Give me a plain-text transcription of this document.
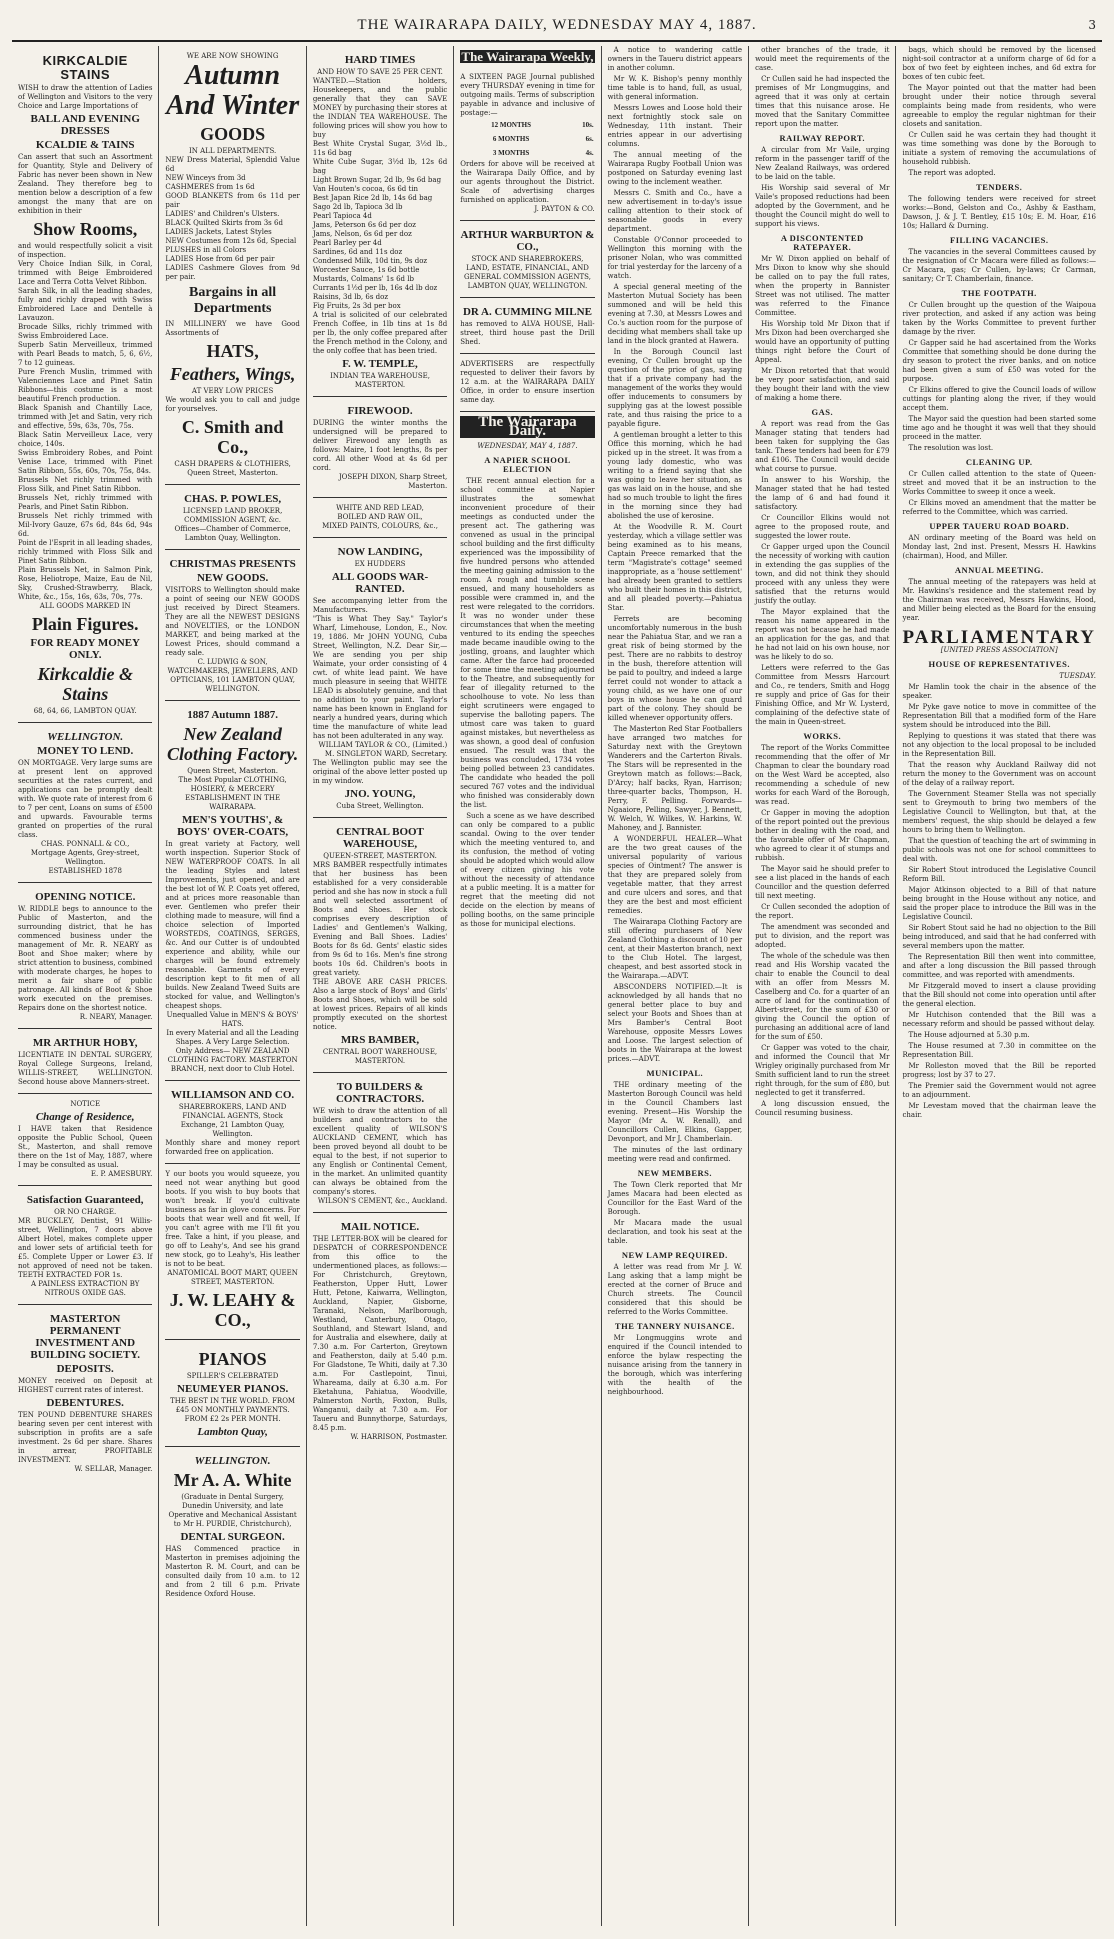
THE WAIRARAPA DAILY, WEDNESDAY MAY 4, 1887.	3
KIRKCALDIE STAINS

WISH to draw the attention of Ladies of Wellington and Visitors to the very Choice and Large Importations of

BALL AND EVENING DRESSES
KCALDIE & TAINS

Can assert that such an Assortment for Quantity, Style and Delivery of Fabric has never been shown in New Zealand. They therefore beg to mention below a description of a few amongst the many that are on exhibition in their

Show Rooms,

and would respectfully solicit a visit of inspection.

Very Choice Indian Silk, in Coral, trimmed with Beige Embroidered Lace and Terra Cotta Velvet Ribbon.

Sarah Silk, in all the leading shades, fully and richly draped with Swiss Embroidered Lace and Dentelle à Lavauzon.

Brocade Silks, richly trimmed with Swiss Embroidered Lace.

Superb Satin Merveilleux, trimmed with Pearl Beads to match, 5, 6, 6½, 7 to 12 guineas.

Pure French Muslin, trimmed with Valenciennes Lace and Pinet Satin Ribbons—this costume is a most beautiful French production.

Black Spanish and Chantilly Lace, trimmed with Jet and Satin, very rich and effective, 59s, 63s, 70s, 75s.

Black Satin Merveilleux Lace, very choice, 140s.

Swiss Embroidery Robes, and Point Venise Lace, trimmed with Pinet Satin Ribbon, 55s, 60s, 70s, 75s, 84s.

Brussels Net richly trimmed with Floss Silk, and Pinet Satin Ribbon.

Brussels Net, richly trimmed with Pearls, and Pinet Satin Ribbon.

Brussels Net richly trimmed with Mil-Ivory Gauze, 67s 6d, 84s 6d, 94s 6d.

Point de l'Esprit in all leading shades, richly trimmed with Floss Silk and Pinet Satin Ribbon.

Plain Brussels Net, in Salmon Pink, Rose, Heliotrope, Maize, Eau de Nil, Sky, Crushed-Strawberry, Black, White, &c., 15s, 16s, 63s, 70s, 77s.

ALL GOODS MARKED IN

Plain Figures.
FOR READY MONEY ONLY.
Kirkcaldie & Stains

68, 64, 66, LAMBTON QUAY.

WELLINGTON.
MONEY TO LEND.

ON MORTGAGE. Very large sums are at present lent on approved securities at the rates current, and applications can be promptly dealt with. We quote rate of interest from 6 to 7 per cent, Loans on sums of £500 and upwards. Favourable terms granted on properties of the rural class.

CHAS. PONNALL & CO.,

Mortgage Agents, Grey-street, Wellington.

ESTABLISHED 1878

OPENING NOTICE.

W. RIDDLE begs to announce to the Public of Masterton, and the surrounding district, that he has commenced business under the management of Mr. R. NEARY as Boot and Shoe maker; where by strict attention to business, combined with moderate charges, he hopes to merit a fair share of public patronage. All kinds of Boot & Shoe work executed on the premises. Repairs done on the shortest notice.

R. NEARY, Manager.

MR ARTHUR HOBY,

LICENTIATE IN DENTAL SURGERY, Royal College Surgeons, Ireland, WILLIS-STREET, WELLINGTON. Second house above Manners-street.

NOTICE

Change of Residence,

I HAVE taken that Residence opposite the Public School, Queen St., Masterton, and shall remove there on the 1st of May, 1887, where I may be consulted as usual.

E. P. AMESBURY.

Satisfaction Guaranteed,

OR NO CHARGE.

MR BUCKLEY, Dentist, 91 Willis-street, Wellington, 7 doors above Albert Hotel, makes complete upper and lower sets of artificial teeth for £5. Complete Upper or Lower £3. If not approved of need not be taken. TEETH EXTRACTED FOR 1s.

A PAINLESS EXTRACTION BY NITROUS OXIDE GAS.

MASTERTON PERMANENT INVESTMENT AND BUILDING SOCIETY.
DEPOSITS.

MONEY received on Deposit at HIGHEST current rates of interest.

DEBENTURES.

TEN POUND DEBENTURE SHARES bearing seven per cent interest with subscription in profits are a safe investment. 2s 6d per share. Shares in arrear, PROFITABLE INVESTMENT.

W. SELLAR, Manager.

WE ARE NOW SHOWING

Autumn
And Winter
GOODS

IN ALL DEPARTMENTS.

NEW Dress Material, Splendid Value 6d

NEW Winceys from 3d

CASHMERES from 1s 6d

GOOD BLANKETS from 6s 11d per pair

LADIES' and Children's Ulsters.

BLACK Quilted Skirts from 3s 6d

LADIES Jackets, Latest Styles

NEW Costumes from 12s 6d, Special

PLUSHES in all Colors

LADIES Hose from 6d per pair

LADIES Cashmere Gloves from 9d per pair.

Bargains in all Departments

IN MILLINERY we have Good Assortments of

HATS,
Feathers, Wings,

AT VERY LOW PRICES

We would ask you to call and judge for yourselves.

C. Smith and Co.,

CASH DRAPERS & CLOTHIERS, Queen Street, Masterton.

CHAS. P. POWLES,

LICENSED LAND BROKER, COMMISSION AGENT, &c.

Offices—Chamber of Commerce, Lambton Quay, Wellington.

CHRISTMAS PRESENTS
NEW GOODS.

VISITORS to Wellington should make a point of seeing our NEW GOODS just received by Direct Steamers. They are all the NEWEST DESIGNS and NOVELTIES, or the LONDON MARKET, and being marked at the Lowest Prices, should command a ready sale.

C. LUDWIG & SON, WATCHMAKERS, JEWELLERS, AND OPTICIANS, 101 LAMBTON QUAY, WELLINGTON.

1887 Autumn 1887.
New Zealand Clothing Factory.

Queen Street, Masterton.

The Most Popular CLOTHING, HOSIERY, & MERCERY ESTABLISHMENT IN THE WAIRARAPA.

MEN'S YOUTHS', & BOYS' OVER-COATS,

In great variety at Factory, well worth inspection. Superior Stock of NEW WATERPROOF COATS. In all the leading Styles and latest Improvements, just opened, and are the best lot of W. P. Coats yet offered, and at prices more reasonable than ever. Gentlemen who prefer their clothing made to measure, will find a choice selection of Imported WORSTEDS, COATINGS, SERGES, &c. And our Cutter is of undoubted experience and ability, while our charges will be found extremely reasonable. Garments of every description kept to fit men of all builds. New Zealand Tweed Suits are stocked for value, and Wellington's cheapest shops.

Unequalled Value in MEN'S & BOYS' HATS.

In every Material and all the Leading Shapes. A Very Large Selection.

Only Address— NEW ZEALAND CLOTHING FACTORY. MASTERTON BRANCH, next door to Club Hotel.

WILLIAMSON AND CO.

SHAREBROKERS, LAND AND FINANCIAL AGENTS, Stock Exchange, 21 Lambton Quay, Wellington.

Monthly share and money report forwarded free on application.

Y our boots you would squeeze, you need not wear anything but good boots. If you wish to buy boots that won't break. If you'd cultivate business as far in glove concerns. For boots that wear well and fit well, If you can't agree with me I'll fit you free. Take a hint, if you please, and go off to Leahy's, And see his grand new stock, go to Leahy's, His leather is not to be beat.

ANATOMICAL BOOT MART, QUEEN STREET, MASTERTON.

J. W. LEAHY & CO.,
PIANOS

SPILLER'S CELEBRATED

NEUMEYER PIANOS.

THE BEST IN THE WORLD. FROM £45 ON MONTHLY PAYMENTS. FROM £2 2s PER MONTH.

Lambton Quay,
WELLINGTON.
Mr A. A. White

(Graduate in Dental Surgery, Dunedin University, and late Operative and Mechanical Assistant to Mr H. PURDIE, Christchurch),

DENTAL SURGEON.

HAS Commenced practice in Masterton in premises adjoining the Masterton R. M. Court, and can be consulted daily from 10 a.m. to 12 and from 2 till 6 p.m. Private Residence Oxford House.

HARD TIMES

AND HOW TO SAVE 25 PER CENT.

WANTED.—Station holders, Housekeepers, and the public generally that they can SAVE MONEY by purchasing their stores at the INDIAN TEA WAREHOUSE. The following prices will show you how to buy

Best White Crystal Sugar, 3½d lb., 11s 6d bag

White Cube Sugar, 3½d lb, 12s 6d bag

Light Brown Sugar, 2d lb, 9s 6d bag

Van Houten's cocoa, 6s 6d tin

Best Japan Rice 2d lb, 14s 6d bag

Sago 2d lb, Tapioca 3d lb

Pearl Tapioca 4d

Jams, Peterson 6s 6d per doz

Jams, Nelson, 6s 6d per doz

Pearl Barley per 4d

Sardines, 6d and 11s doz

Condensed Milk, 10d tin, 9s doz

Worcester Sauce, 1s 6d bottle

Mustards, Colmans' 1s 6d lb

Currants 1½d per lb, 16s 4d lb doz

Raisins, 3d lb, 6s doz

Fig Fruits, 2s 3d per box

A trial is solicited of our celebrated French Coffee, in 1lb tins at 1s 8d per lb, the only coffee prepared after the French method in the Colony, and the only coffee that has been tried.

F. W. TEMPLE,

INDIAN TEA WAREHOUSE, MASTERTON.

FIREWOOD.

DURING the winter months the undersigned will be prepared to deliver Firewood any length as follows: Maire, 1 foot lengths, 8s per cord. All other Wood at 4s 6d per cord.

JOSEPH DIXON, Sharp Street, Masterton.

WHITE AND RED LEAD,

BOILED AND RAW OIL,

MIXED PAINTS, COLOURS, &c.,

NOW LANDING,

EX HUDDERS

ALL GOODS WAR-RANTED.

See accompanying letter from the Manufacturers.

"This is What They Say." Taylor's Wharf, Limehouse, London, E., Nov. 19, 1886. Mr JOHN YOUNG, Cuba Street, Wellington, N.Z. Dear Sir,—We are sending you per ship Waimate, your order consisting of 4 cwt. of white lead paint. We have much pleasure in seeing that WHITE LEAD is absolutely genuine, and that no addition to your paint. Taylor's name has been known in England for nearly a hundred years, during which time the manufacture of white lead has not been adulterated in any way.

WILLIAM TAYLOR & CO., (Limited.) M. SINGLETON WARD, Secretary.

The Wellington public may see the original of the above letter posted up in my window.

JNO. YOUNG,

Cuba Street, Wellington.

CENTRAL BOOT WAREHOUSE,

QUEEN-STREET, MASTERTON.

MRS BAMBER respectfully intimates that her business has been established for a very considerable period and she has now in stock a full and well selected assortment of Boots and Shoes. Her stock comprises every description of Ladies' and Gentlemen's Walking, Evening and Ball Shoes. Ladies' Boots for 8s 6d. Gents' elastic sides from 9s 6d to 16s. Men's fine strong boots 10s 6d. Children's boots in great variety.

THE ABOVE ARE CASH PRICES. Also a large stock of Boys' and Girls' Boots and Shoes, which will be sold at lowest prices. Repairs of all kinds promptly executed on the shortest notice.

MRS BAMBER,

CENTRAL BOOT WAREHOUSE, MASTERTON.

TO BUILDERS & CONTRACTORS.

WE wish to draw the attention of all builders and contractors to the excellent quality of WILSON'S AUCKLAND CEMENT, which has been proved beyond all doubt to be equal to the best, if not superior to any English or Continental Cement, in the market. An unlimited quantity can always be obtained from the company's stores.

WILSON'S CEMENT, &c., Auckland.

MAIL NOTICE.

THE LETTER-BOX will be cleared for DESPATCH of CORRESPONDENCE from this office to the undermentioned places, as follows:— For Christchurch, Greytown, Featherston, Upper Hutt, Lower Hutt, Petone, Kaiwarra, Wellington, Auckland, Napier, Gisborne, Taranaki, Nelson, Marlborough, Westland, Canterbury, Otago, Southland, and Stewart Island, and for Australia and elsewhere, daily at 7.30 a.m. For Carterton, Greytown and Featherston, daily at 5.40 p.m. For Gladstone, Te Whiti, daily at 7.30 a.m. For Castlepoint, Tinui, Whareama, daily at 6.30 a.m. For Eketahuna, Pahiatua, Woodville, Palmerston North, Foxton, Bulls, Wanganui, daily at 7.30 a.m. For Taueru and Bunnythorpe, Saturdays, 8.45 p.m.

W. HARRISON, Postmaster.

The Wairarapa Weekly,

A SIXTEEN PAGE Journal published every THURSDAY evening in time for outgoing mails. Terms of subscription payable in advance and inclusive of postage:—

12 MONTHS	10s.
6 MONTHS	6s.
3 MONTHS	4s.

Orders for above will be received at the Wairarapa Daily Office, and by our agents throughout the District. Scale of advertising charges furnished on application.

J. PAYTON & CO.

ARTHUR WARBURTON & CO.,

STOCK AND SHAREBROKERS, LAND, ESTATE, FINANCIAL, AND GENERAL COMMISSION AGENTS, LAMBTON QUAY, WELLINGTON.

DR A. CUMMING MILNE

has removed to ALVA HOUSE, Hall-street, third house past the Drill Shed.

ADVERTISERS are respectfully requested to deliver their favors by 12 a.m. at the WAIRARAPA DAILY Office, in order to ensure insertion same day.

The Wairarapa Daily.

WEDNESDAY, MAY 4, 1887.

A NAPIER SCHOOL ELECTION

THE recent annual election for a school committee at Napier illustrates the somewhat inconvenient procedure of their meetings as conducted under the present act. The gathering was convened as usual in the principal school building and the first difficulty experienced was the impossibility of five hundred persons who attended the meeting gaining admission to the room. A rough and tumble scene ensued, and many householders as possible were crammed in, and the rest were relegated to the corridors. It was no wonder under these circumstances that when the meeting ventured to its ending the speeches made became inaudible owing to the jostling, groans, and laughter which came. After the farce had proceeded for some time the meeting adjourned to the Theatre, and subsequently for fear of illegality returned to the schoolhouse to vote. No less than eight scrutineers were engaged to supervise the balloting papers. The utmost care was taken to guard against mistakes, but nevertheless as was shown, a good deal of confusion ensued. The result was that the business was concluded, 1734 votes being polled between 23 candidates. The candidate who headed the poll secured 767 votes and the individual who finished was considerably down the list.

Such a scene as we have described can only be compared to a public scandal. Owing to the over tender which the meeting ventured to, and its confusion, the method of voting should be adopted which would allow of every citizen giving his vote without the necessity of attendance at a public meeting. It is a matter for regret that the meeting did not decide on the election by means of polling booths, on the same principle as those for municipal elections.

A notice to wandering cattle owners in the Taueru district appears in another column.

Mr W. K. Bishop's penny monthly time table is to hand, full, as usual, with general information.

Messrs Lowes and Loose hold their next fortnightly stock sale on Wednesday, 11th instant. Their entries appear in our advertising columns.

The annual meeting of the Wairarapa Rugby Football Union was postponed on Saturday evening last owing to the inclement weather.

Messrs C. Smith and Co., have a new advertisement in to-day's issue calling attention to their stock of seasonable goods in every department.

Constable O'Connor proceeded to Wellington this morning with the prisoner Nolan, who was committed for trial yesterday for the larceny of a watch.

A special general meeting of the Masterton Mutual Society has been summoned and will be held this evening at 7.30, at Messrs Lowes and Co.'s auction room for the purpose of deciding what members shall take up land in the block granted at Hawera.

In the Borough Council last evening, Cr Cullen brought up the question of the price of gas, saying that if a private company had the management of the works they would offer inducements to consumers by supplying gas at the lowest possible rate, and thus raising the price to a payable figure.

A gentleman brought a letter to this Office this morning, which he had picked up in the street. It was from a young lady domestic, who was writing to a friend saying that she was going to leave her situation, as gas was laid on in the house, and she had so much trouble to light the fires in the morning since they had abolished the use of kerosine.

At the Woodville R. M. Court yesterday, which a village settler was being examined as to his means, Captain Preece remarked that the term "Magistrate's cottage" seemed inappropriate, as a 'house settlement' had already been granted to settlers who built their homes in this district, and all pleaded poverty.—Pahiatua Star.

Ferrets are becoming uncomfortably numerous in the bush near the Pahiatua Star, and we ran a great risk of being stormed by the pest. There are no rabbits to destroy in the bush, therefore attention will be paid to poultry, and indeed a large ferret could not wonder to attack a young child, as we have one of our boys in whose house he can guard part of the colony. They should be killed whenever opportunity offers.

The Masterton Red Star Footballers have arranged two matches for Saturday next with the Greytown Wanderers and the Carterton Rivals. The Stars will be represented in the Greytown match as follows:—Back, D'Arcy; half backs, Ryan, Harrison; three-quarter backs, Thompson, H. Perry, F. Pelling. Forwards—Ngaaiore, Pelling, Sawyer, J. Bennett, W. Welch, W. Wilkes, W. Harkins, W. Mahoney, and J. Bannister.

A WONDERFUL HEALER—What are the two great causes of the universal popularity of various species of Ointment? The answer is that they are prepared solely from vegetable matter, that they arrest and cure ulcers and sores, and that they are the best and most efficient remedies.

The Wairarapa Clothing Factory are still offering purchasers of New Zealand Clothing a discount of 10 per cent, at their Masterton branch, next to the Club Hotel. The largest, cheapest, and best assorted stock in the Wairarapa.—ADVT.

ABSCONDERS NOTIFIED.—It is acknowledged by all hands that no general better place to buy and select your Boots and Shoes than at Mrs Bamber's Central Boot Warehouse, opposite Messrs Lowes and Loose. The largest selection of boots in the Wairarapa at the lowest prices.—ADVT.

MUNICIPAL.

THE ordinary meeting of the Masterton Borough Council was held in the Council Chambers last evening. Present—His Worship the Mayor (Mr A. W. Renall), and Councillors Cullen, Elkins, Gapper, Devonport, and Mr J. Chamberlain.

The minutes of the last ordinary meeting were read and confirmed.

NEW MEMBERS.

The Town Clerk reported that Mr James Macara had been elected as Councillor for the East Ward of the Borough.

Mr Macara made the usual declaration, and took his seat at the table.

NEW LAMP REQUIRED.

A letter was read from Mr J. W. Lang asking that a lamp might be erected at the corner of Bruce and Church streets. The Council considered that this should be referred to the Works Committee.

THE TANNERY NUISANCE.

Mr Longmuggins wrote and enquired if the Council intended to enforce the bylaw respecting the nuisance arising from the tannery in the borough, which was interfering with the health of the neighbourhood.

other branches of the trade, it would meet the requirements of the case.

Cr Cullen said he had inspected the premises of Mr Longmuggins, and agreed that it was only at certain times that this nuisance arose. He moved that the Sanitary Committee report upon the matter.

RAILWAY REPORT.

A circular from Mr Vaile, urging reform in the passenger tariff of the New Zealand Railways, was ordered to be laid on the table.

His Worship said several of Mr Vaile's proposed reductions had been adopted by the Government, and he thought the Council might do well to support his views.

A DISCONTENTED RATEPAYER.

Mr W. Dixon applied on behalf of Mrs Dixon to know why she should be called on to pay the full rates, when the property in Bannister Street was not utilised. The matter was referred to the Finance Committee.

His Worship told Mr Dixon that if Mrs Dixon had been overcharged she would have an opportunity of putting things right before the Court of Appeal.

Mr Dixon retorted that that would be very poor satisfaction, and said they bought their land with the view of making a home there.

GAS.

A report was read from the Gas Manager stating that tenders had been taken for supplying the Gas tank. These tenders had been for £79 and £106. The Council would decide what course to pursue.

In answer to his Worship, the Manager stated that he had tested the lamp of 6 and had found it satisfactory.

Cr Councillor Elkins would not agree to the proposed route, and suggested the lower route.

Cr Gapper urged upon the Council the necessity of working with caution in extending the gas supplies of the town, and did not think they should proceed with any unless they were satisfied that the returns would justify the outlay.

The Mayor explained that the reason his name appeared in the report was not because he had made an application for the gas, and that he had not laid on his own house, nor was he likely to do so.

Letters were referred to the Gas Committee from Messrs Harcourt and Co., re tenders, Smith and Hogg re supply and price of Gas for their Finishing Office, and Mr W. Lysterd, complaining of the defective state of the main in Queen-street.

WORKS.

The report of the Works Committee recommending that the offer of Mr Chapman to clear the boundary road on the West Ward be accepted, also recommending a schedule of new works for each Ward of the Borough, was read.

Cr Gapper in moving the adoption of the report pointed out the previous bother in dealing with the road, and the favorable offer of Mr Chapman, who agreed to clear it of stumps and rubbish.

The Mayor said he should prefer to see a list placed in the hands of each Councillor and the question deferred till next meeting.

Cr Cullen seconded the adoption of the report.

The amendment was seconded and put to division, and the report was adopted.

The whole of the schedule was then read and His Worship vacated the chair to enable the Council to deal with an offer from Messrs M. Caselberg and Co. for a quarter of an acre of land for the continuation of Albert-street, for the sum of £30 or giving the Council the option of purchasing an additional acre of land for the sum of £50.

Cr Gapper was voted to the chair, and informed the Council that Mr Wrigley originally purchased from Mr Smith sufficient land to run the street right through, for the sum of £80, but neglected to get it transferred.

A long discussion ensued, the Council resuming business.

bags, which should be removed by the licensed night-soil contractor at a uniform charge of 6d for a box of two feet by eighteen inches, and 6d extra for boxes of ten cubic feet.

The Mayor pointed out that the matter had been brought under their notice through several complaints being made from residents, who were agreeable to employ the regular nightman for their closets and sanitation.

Cr Cullen said he was certain they had thought it was time something was done by the Borough to initiate a system of removing the accumulations of household rubbish.

The report was adopted.

TENDERS.

The following tenders were received for street works:—Bond, Gelston and Co., Ashby & Eastham, Dawson, J. & J. T. Bentley, £15 10s; E. M. Hoar, £16 10s; Hallard & Durning.

FILLING VACANCIES.

The vacancies in the several Committees caused by the resignation of Cr Macara were filled as follows:—Cr Macara, gas; Cr Cullen, by-laws; Cr Carman, sanitary; Cr T. Chamberlain, finance.

THE FOOTPATH.

Cr Cullen brought up the question of the Waipoua river protection, and asked if any action was being taken by the Works Committee to prevent further damage by the river.

Cr Gapper said he had ascertained from the Works Committee that something should be done during the dry season to protect the river banks, and on notice had been given a sum of £50 was voted for the purpose.

Cr Elkins offered to give the Council loads of willow cuttings for planting along the river, if they would accept them.

The Mayor said the question had been started some time ago and he thought it was well that they should proceed in the matter.

The resolution was lost.

CLEANING UP.

Cr Cullen called attention to the state of Queen-street and moved that it be an instruction to the Works Committee to sweep it once a week.

Cr Elkins moved an amendment that the matter be referred to the Committee, which was carried.

UPPER TAUERU ROAD BOARD.

AN ordinary meeting of the Board was held on Monday last, 2nd inst. Present, Messrs H. Hawkins (chairman), Hood, and Miller.

ANNUAL MEETING.

The annual meeting of the ratepayers was held at Mr. Hawkins's residence and the statement read by the Chairman was received, Messrs Hawkins, Hood, and Miller being elected as the Board for the ensuing year.

PARLIAMENTARY

[UNITED PRESS ASSOCIATION]

HOUSE OF REPRESENTATIVES.

TUESDAY.

Mr Hamlin took the chair in the absence of the speaker.

Mr Pyke gave notice to move in committee of the Representation Bill that a modified form of the Hare system should be introduced into the Bill.

Replying to questions it was stated that there was not any objection to the local proposal to be included in the Representation Bill.

That the reason why Auckland Railway did not return the money to the Government was on account of the delay of a railway report.

The Government Steamer Stella was not specially sent to Greymouth to bring two members of the Legislative Council to Wellington, but that, at the members' request, the ship should be delayed a few hours to bring them to Wellington.

That the question of teaching the art of swimming in public schools was not one for school committees to deal with.

Sir Robert Stout introduced the Legislative Council Reform Bill.

Major Atkinson objected to a Bill of that nature being brought in the House without any notice, and said the proper place to introduce the Bill was in the Legislative Council.

Sir Robert Stout said he had no objection to the Bill being introduced, and said that he had conferred with several members upon the matter.

The Representation Bill then went into committee, and after a long discussion the Bill passed through committee, and was reported with amendments.

Mr Fitzgerald moved to insert a clause providing that the Bill should not come into operation until after the general election.

Mr Hutchison contended that the Bill was a necessary reform and should be passed without delay.

The House adjourned at 5.30 p.m.

The House resumed at 7.30 in committee on the Representation Bill.

Mr Rolleston moved that the Bill be reported progress; lost by 37 to 27.

The Premier said the Government would not agree to an adjournment.

Mr Levestam moved that the chairman leave the chair.
